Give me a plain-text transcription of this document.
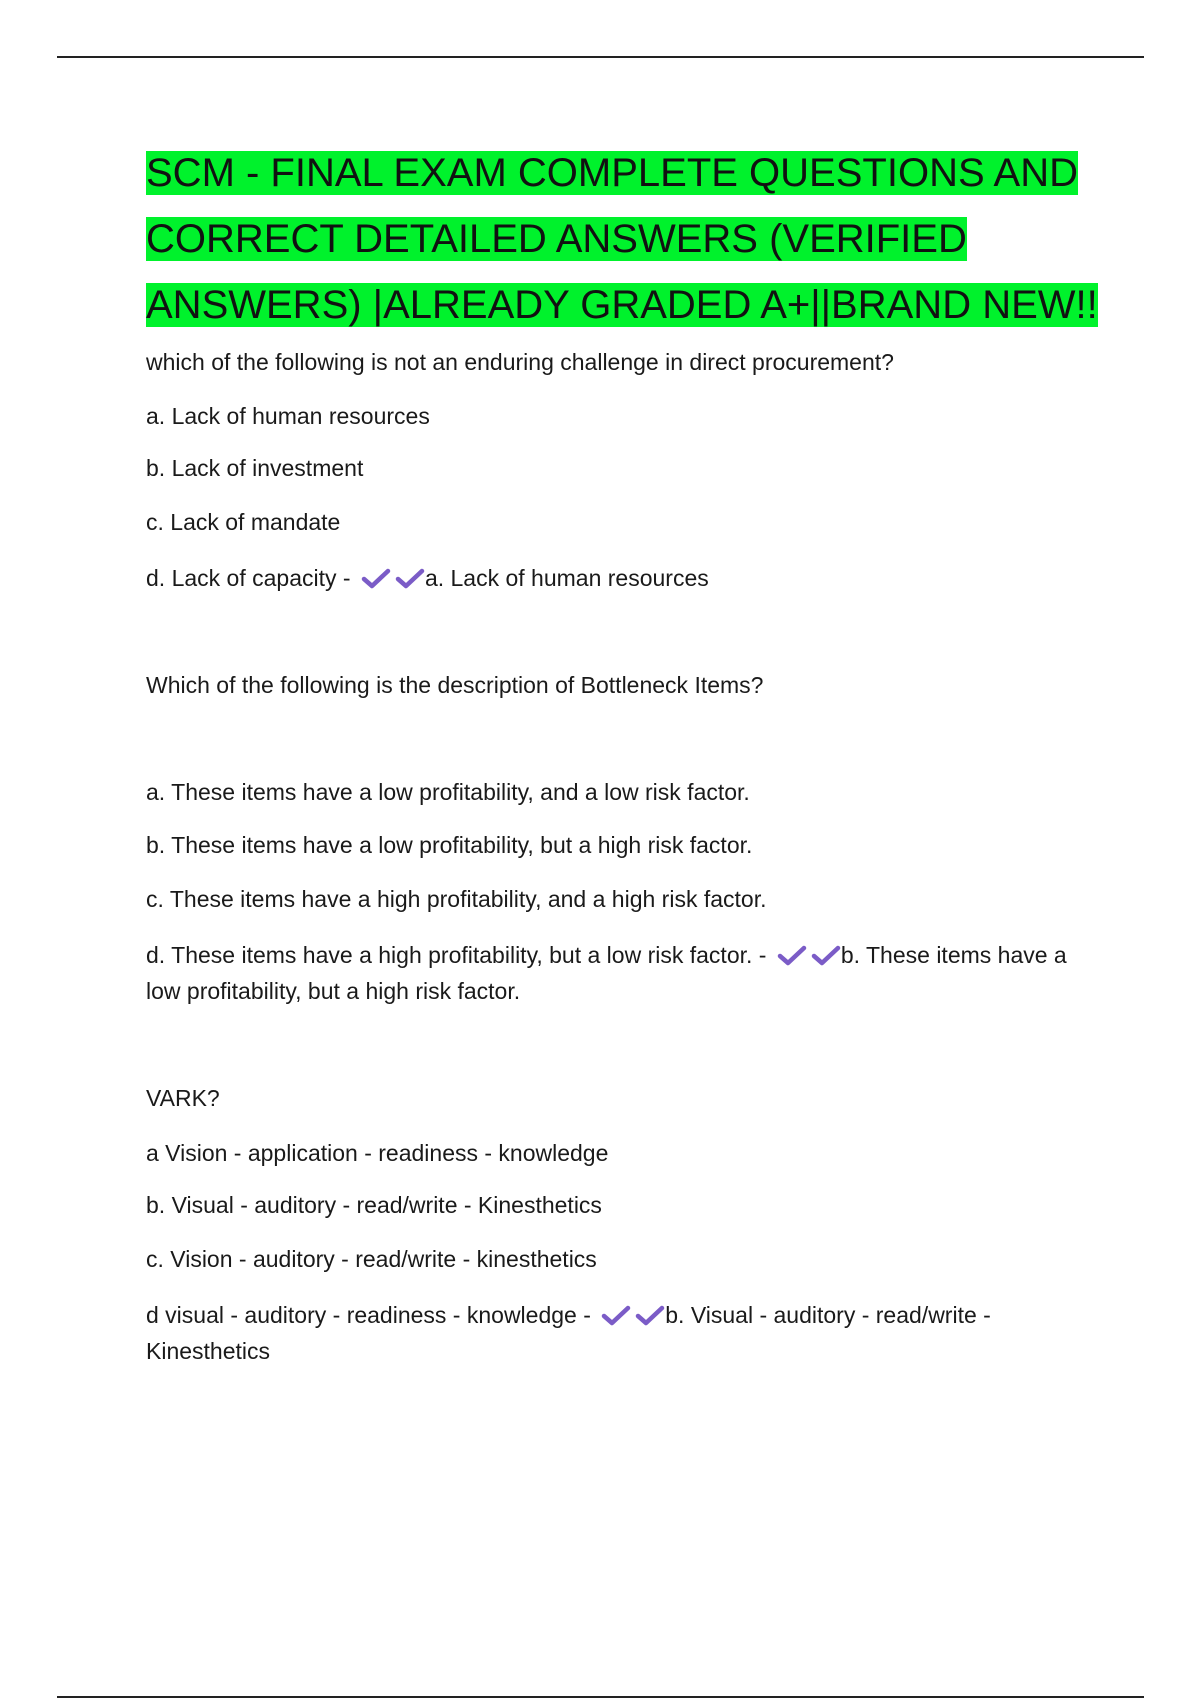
SCM - FINAL EXAM COMPLETE QUESTIONS AND CORRECT DETAILED ANSWERS (VERIFIED ANSWERS) |ALREADY GRADED A+||BRAND NEW!!

which of the following is not an enduring challenge in direct procurement?

a. Lack of human resources

b. Lack of investment

c. Lack of mandate

d. Lack of capacity -	a. Lack of human resources

Which of the following is the description of Bottleneck Items?

a. These items have a low profitability, and a low risk factor.

b. These items have a low profitability, but a high risk factor.

c. These items have a high profitability, and a high risk factor.

d. These items have a high profitability, but a low risk factor. -	b. These items have a low profitability, but a high risk factor.

VARK?

a Vision - application - readiness - knowledge

b. Visual - auditory - read/write - Kinesthetics

c. Vision - auditory - read/write - kinesthetics

d visual - auditory - readiness - knowledge -	b. Visual - auditory - read/write - Kinesthetics
